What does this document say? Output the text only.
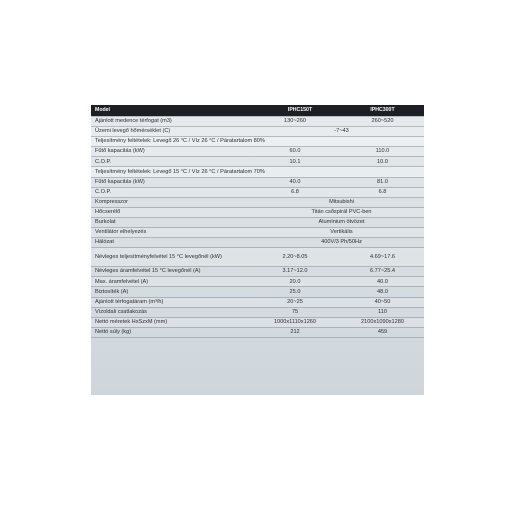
Model	IPHC150T	IPHC300T
Ajánlott medence térfogat (m3)	130~260	260~520
Üzemi levegő hőmérséklet (C)	-7~43	
Teljesítmény feltételek: Levegő 26 °C / Víz 26 °C / Páratartalom 80%		
Fűtő kapacitás (kW)	60.0	110.0
C.O.P.	10.1	10.0
Teljesítmény feltételek: Levegő 15 °C / Víz 26 °C / Páratartalom 70%		
Fűtő kapacitás (kW)	40.0	81.0
C.O.P.	6.8	6.8
Kompresszor	Mitsubishi	
Hőcserélő	Titán csőspirál PVC-ben	
Burkolat	Alumínium ötvözet	
Ventilátor elhelyezés	Vertikális	
Hálózat	400V/3 Ph/50Hz	
Névleges teljesítményfelvétel 15 °C levegőnél (kW)	2.20~8.05	4.69~17.6
Névleges áramfelvétel 15 °C levegőnél (A)	3.17~12.0	6.77~25.4
Max. áramfelvétel (A)	20.0	40.0
Biztosíték (A)	25.0	48.0
Ajánlott térfogatáram (m³/h)	20~25	40~50
Vízoldali csatlakozás	75	110
Nettó méretek HxSzxM (mm)	1000x1110x1260	2100x1090x1280
Nettó súly (kg)	212	459
